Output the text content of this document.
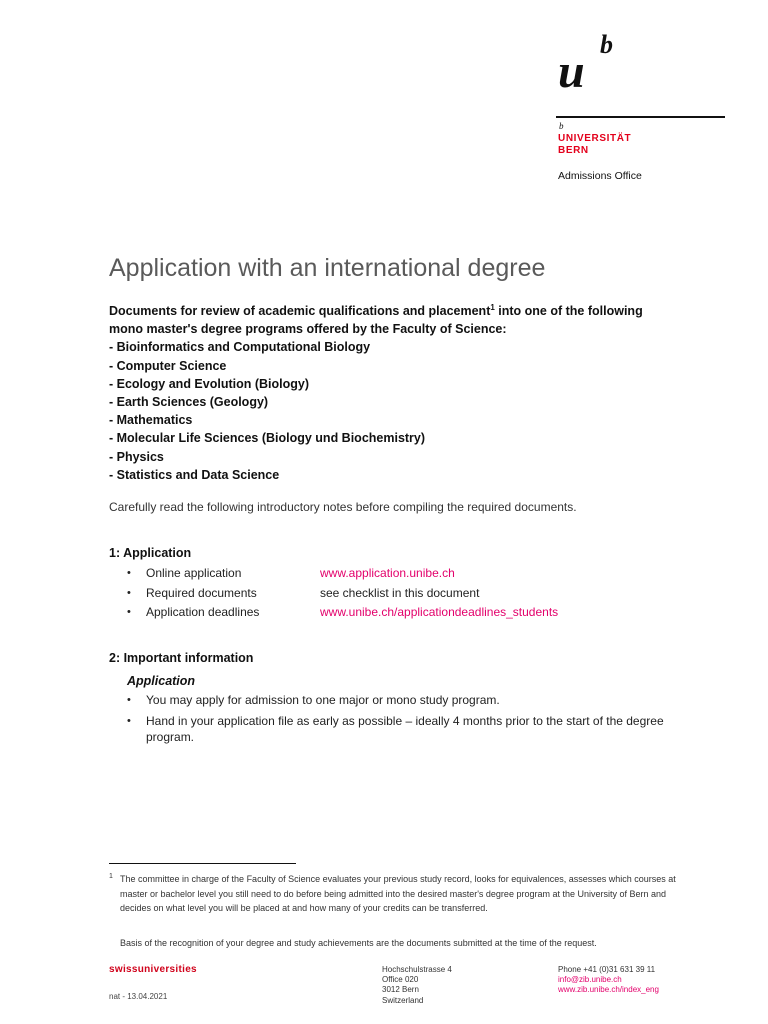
u
b
b
UNIVERSITÄT
BERN
Admissions Office
Application with an international degree

Documents for review of academic qualifications and placement$^1$ into one of the following

mono master's degree programs offered by the Faculty of Science:

- Bioinformatics and Computational Biology
- Computer Science
- Ecology and Evolution (Biology)
- Earth Sciences (Geology)
- Mathematics
- Molecular Life Sciences (Biology und Biochemistry)
- Physics
- Statistics and Data Science
Carefully read the following introductory notes before compiling the required documents.
1: Application
• Online application	www.application.unibe.ch
• Required documents	see checklist in this document
• Application deadlines	www.unibe.ch/applicationdeadlines_students
2: Important information
Application
• You may apply for admission to one major or mono study program.
• Hand in your application file as early as possible – ideally 4 months prior to the start of the degree program.
1 The committee in charge of the Faculty of Science evaluates your previous study record, looks for equivalences, assesses which courses at master or bachelor level you still need to do before being admitted into the desired master's degree program at the University of Bern and decides on what level you will be placed at and how many of your credits can be transferred.
Basis of the recognition of your degree and study achievements are the documents submitted at the time of the request.
swissuniversities
nat - 13.04.2021
Hochschulstrasse 4
Office 020
3012 Bern
Switzerland
Phone +41 (0)31 631 39 11
info@zib.unibe.ch
www.zib.unibe.ch/index_eng
